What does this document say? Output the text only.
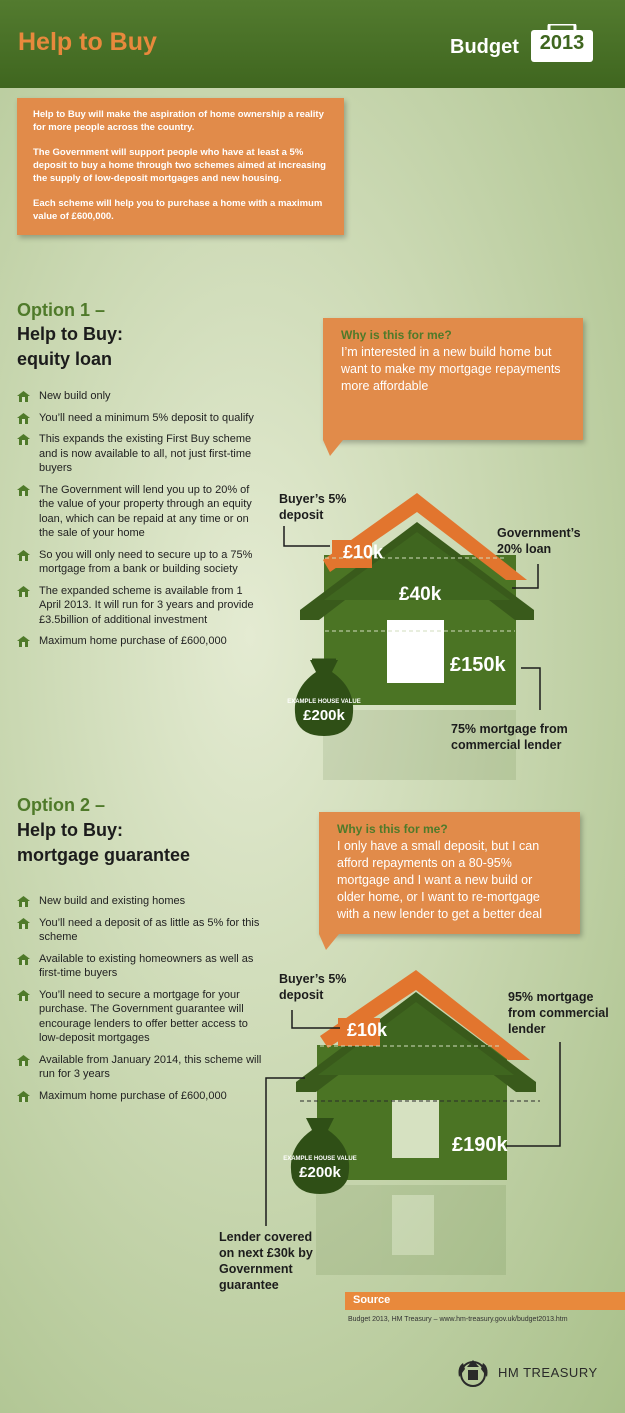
Help to Buy	Budget	2013

Help to Buy will make the aspiration of home ownership a reality for more people across the country.

The Government will support people who have at least a 5% deposit to buy a home through two schemes aimed at increasing the supply of low-deposit mortgages and new housing.

Each scheme will help you to purchase a home with a maximum value of £600,000.

Option 1 –
Help to Buy:
equity loan
New build only
You’ll need a minimum 5% deposit to qualify
This expands the existing First Buy scheme and is now available to all, not just first-time buyers
The Government will lend you up to 20% of the value of your property through an equity loan, which can be repaid at any time or on the sale of your home
So you will only need to secure up to a 75% mortgage from a bank or building society
The expanded scheme is available from 1 April 2013. It will run for 3 years and provide £3.5billion of additional investment
Maximum home purchase of £600,000
Why is this for me?
I’m interested in a new build home but want to make my mortgage repayments more affordable
£10k
£40k
£150k
EXAMPLE HOUSE VALUE
£200k
Buyer’s 5% deposit
Government’s 20% loan
75% mortgage from commercial lender
Option 2 –
Help to Buy:
mortgage guarantee
New build and existing homes
You’ll need a deposit of as little as 5% for this scheme
Available to existing homeowners as well as first-time buyers
You’ll need to secure a mortgage for your purchase. The Government guarantee will encourage lenders to offer better access to low-deposit mortgages
Available from January 2014, this scheme will run for 3 years
Maximum home purchase of £600,000
Why is this for me?
I only have a small deposit, but I can afford repayments on a 80-95% mortgage and I want a new build or older home, or I want to re-mortgage with a new lender to get a better deal
£10k
£190k
EXAMPLE HOUSE VALUE
£200k
Buyer’s 5% deposit	95% mortgage from commercial lender
Lender covered on next £30k by Government guarantee
Source
Budget 2013, HM Treasury – www.hm-treasury.gov.uk/budget2013.htm
HM TREASURY
